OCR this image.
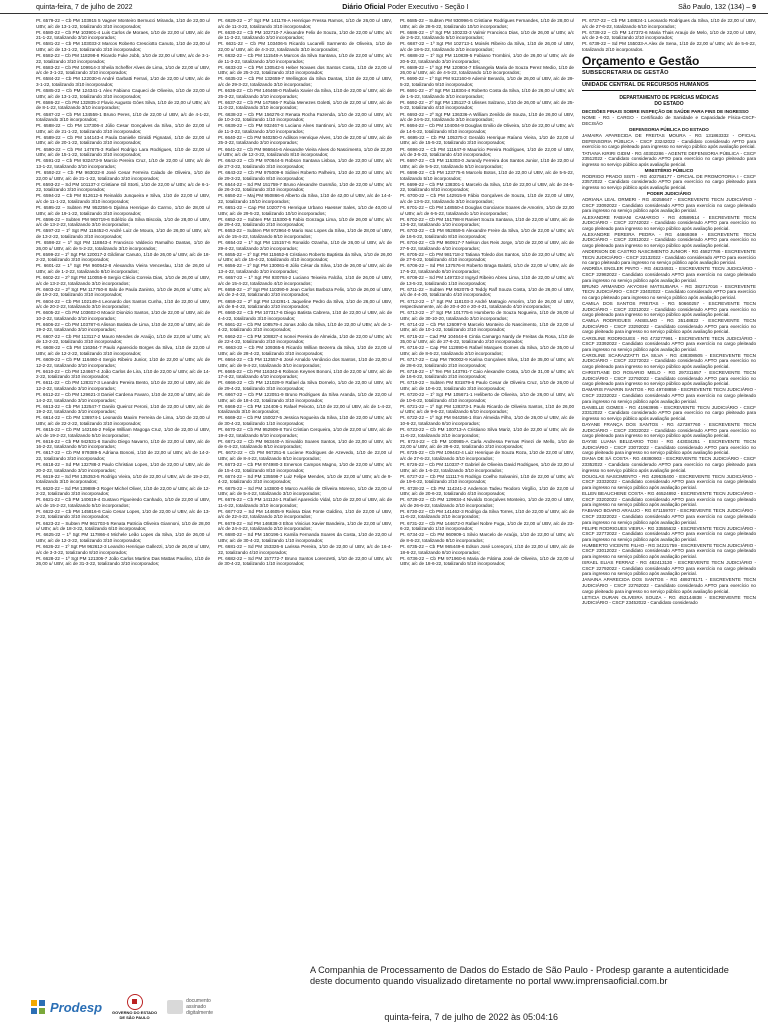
quinta-feira, 7 de julho de 2022	Diário Oficial Poder Executivo - Seção I	São Paulo, 132 (134) – 9

Pt. 6579-22 – Cb PM 103915 5 Vagner Monteiro Bernucci Miranda, 1/10 de 22,00 u/ UBV, a/c de 13-1-22, totalizando 3/10 incorporados;

Pt. 6580-22 – Cb PM 103901-4 Luis Carlos de Moraes, 1/10 de 22,00 u/ UBV, a/c de 21-1-22, totalizando 3/10 incorporados;

Pt. 6581-22 – Cb PM 103033-2 Marcos Roberto Cresciotto Canuto, 1/10 de 22,00 u/ UBV, a/c de 13-1-22, totalizando 3/10 incorporados;

Pt. 6582-22 – Cb PM 118298-8 Ricardo Fuke Jobb, 1/10 de 22,00 u/ UBV, a/c de 3-1-22, totalizando 3/10 incorporados;

Pt. 6583-22 – Cb PM 109914-3 Sheila Scheffer Alves de Lima, 1/10 de 22,00 u/ UBV, a/c de 3-1-22, totalizando 3/10 incorporados;

Pt. 6584-22 – Cb PM 122030-6 André Garbatti Ferrari, 1/10 de 22,00 u/ UBV, a/c de 3-1-22, totalizando 3/10 incorporados;

Pt. 6585-22 – Cb PM 124341-1 Alex Fabiano Caqueci de Oliveira, 1/10 de 22,00 u/ UBV, a/c de 13-1-22, totalizando 3/10 incorporados;

Pt. 6586-22 – Cb PM 132835-2 Flavio Augusto Góes Silva, 1/10 de 22,00 u/ UBV, a/c de 8-1-22, totalizando 3/10 incorporados;

Pt. 6587-22 – Cb PM 134559-1 Bruno Peres, 1/10 de 22,00 u/ UBV, a/c de 4-1-22, totalizando 3/10 incorporados;

Pt. 6588-22 – Cb PM 137306-4 Júlio Cesar Gonçalves da Silva, 1/10 de 22,00 u/ UBV, a/c de 21-1-22, totalizando 3/10 incorporados;

Pt. 6589-22 – Cb PM 144143-4 Paula Danielle Giraldi Pignatari, 1/10 de 22,00 u/ UBV, a/c de 20-1-22, totalizando 3/10 incorporados;

Pt. 6590-22 – Cb PM 147675-3 Rafael Rodrigo Lara Rodrigues, 1/10 de 22,00 u/ UBV, a/c de 15-1-22, totalizando 3/10 incorporados;

Pt. 6591-22 – Cb PM 932473-9 Marcio Pereira Cruz, 1/10 de 22,00 u/ UBV, a/c de 13-1-22, totalizando 3/10 incorporados;

Pt. 6592-22 – Cb PM 963022-8 José Cesar Ferreira Calado de Oliveira, 1/10 de 22,00 u/ UBV, a/c de 21-1-22, totalizando 3/10 incorporados;

Pt. 6593-22 – Sd PM 101137-2 Cristiane Gil Storti, 1/10 de 22,00 u/ UBV, a/c de 6-1-22, totalizando 3/10 incorporados;

Pt. 6594-22 – Cb PM 912612-6 Reinaldo Junqueira e Silva, 1/10 de 22,00 u/ UBV, a/c de 11-1-22, totalizando 3/10 incorporados;

Pt. 6595-22 – Subten PM 952256-5 Djalma Henrique do Carmo, 1/10 de 28,00 u/ UBV, a/c de 19-1-22, totalizando 3/10 incorporados;

Pt. 6596-22 – Subten PM 960719-6 Edélzio da Silva Biscola, 1/10 de 28,00 u/ UBV, a/c de 13-2-22, totalizando 3/10 incorporados;

Pt. 6597-22 – 1º Sgt PM 118452-0 André Luiz de Moura, 1/10 de 26,00 u/ UBV, a/c de 13-2-22, totalizando 3/10 incorporados;

Pt. 6598-22 – 1º Sgt PM 118843-4 Francisco Valdecio Ramalho Dantas, 1/10 de 26,00 u/ UBV, a/c de 5-2-22, totalizando 3/10 incorporados;

Pt. 6599-22 – 1º Sgt PM 120017-2 Gildimar Canuto, 1/10 de 26,00 u/ UBV, a/c de 18-2-22, totalizando 3/10 incorporados;

Pt. 6601-22 – 1º Sgt PM 960542-8 Alexandra Vieira Venceslau, 1/10 de 26,00 u/ UBV, a/c de 1-2-22, totalizando 8/10 incorporados;

Pt. 6602-22 – 2º Sgt PM 110055-9 Sergio Clécio Correia Dias, 1/10 de 26,00 u/ UBV, a/c de 13-2-22, totalizando 3/10 incorporados;

Pt. 6603-22 – 2º Sgt PM 117750-8 Italo de Paula Zaninto, 1/10 de 26,00 u/ UBV, a/c de 19-2-22, totalizando 3/10 incorporados;

Pt. 6604-22 – Cb PM 102149-4 Leonardo dos Santos Cunha, 1/10 de 22,00 u/ UBV, a/c de 20-2-22, totalizando 3/10 incorporados;

Pt. 6605-22 – Cb PM 103602-0 Moacir Dionizio Santos, 1/10 de 22,00 u/ UBV, a/c de 10-2-22, totalizando 3/10 incorporados;

Pt. 6606-22 – Cb PM 103787-6 Alisson Batista de Lima, 1/10 de 22,00 u/ UBV, a/c de 19-2-22, totalizando 3/10 incorporados;

Pt. 6607-22 – Cb PM 113117-2 Mauro Mendes de Araújo, 1/10 de 22,00 u/ UBV, a/c de 13-2-22, totalizando 3/10 incorporados;

Pt. 6608-22 – Cb PM 116364-7 Paulo Aparecido Borges da Silva, 1/10 de 22,00 u/ UBV, a/c de 12-2-22, totalizando 3/10 incorporados;

Pt. 6609-22 – Cb PM 116460-4 Sergio Ribeiro Junior, 1/10 de 22,00 u/ UBV, a/c de 12-2-22, totalizando 3/10 incorporados;

Pt. 6610-22 – Cb PM 124667-4 João Carlos de Lira, 1/10 de 22,00 u/ UBV, a/c de 14-2-22, totalizando 3/10 incorporados;

Pt. 6611-22 – Cb PM 128317-3 Leandro Pereira Bento, 1/10 de 22,00 u/ UBV, a/c de 12-2-22, totalizando 3/10 incorporados;

Pt. 6612-22 – Cb PM 129621-3 Daniel Cardena Favaro, 1/10 de 22,00 u/ UBV, a/c de 14-2-22, totalizando 3/10 incorporados;

Pt. 6613-22 – Cb PM 132547-7 Danilo Queiroz Peroni, 1/10 de 22,00 u/ UBV, a/c de 19-2-22, totalizando 3/10 incorporados;

Pt. 6614-22 – Cb PM 136974-1 Leonardo Maxim Ferreira de Lima, 1/10 de 22,00 u/ UBV, a/c de 22-2-22, totalizando 3/10 incorporados;

Pt. 6615-22 – Cb PM 142166-2 Felipe William Magoga Cruz, 1/10 de 22,00 u/ UBV, a/c de 19-2-22, totalizando 5/10 incorporados;

Pt. 6616-22 – Cb PM 942531-6 Sandro Diego Navarro, 1/10 de 22,00 u/ UBV, a/c de 16-2-22, totalizando 9/10 incorporados;

Pt. 6617-22 – Cb PM 979389-5 Adriana Bononi, 1/10 de 22,00 u/ UBV, a/c de 14-2-22, totalizando 3/10 incorporados;

Pt. 6618-22 – Sd PM 132788-2 Paulo Christian Lopes, 1/10 de 22,00 u/ UBV, a/c de 20-2-22, totalizando 3/10 incorporados;

Pt. 6619-22 – Sd PM 135353-5 Rodrigo Vieira, 1/10 de 22,00 u/ UBV, a/c de 19-2-22, totalizando 3/10 incorporados;

Pt. 6620-22 – Sd PM 139889-3 Roger Michel Oliver, 1/10 de 22,00 u/ UBV, a/c de 12-2-22, totalizando 3/10 incorporados;

Pt. 6621-22 – Cb PM 140619-4 Gustavo Figueiredo Canhado, 1/10 de 22,00 u/ UBV, a/c de 15-2-22, totalizando 5/10 incorporados;

Pt. 6622-22 – Cb PM 145816-6 Caio Cesar Lopes, 1/10 de 22,00 u/ UBV, a/c de 13-2-22, totalizando 3/10 incorporados;

Pt. 6623-22 – Subten PM 961703-5 Renata Patricia Oliveira Giannoni, 1/10 de 28,00 u/ UBV, a/c de 18-3-22, totalizando 6/10 incorporados;

Pt. 6625-22 – 1º Sgt PM 117866-4 Michele Leão Lopes da Silva, 1/10 de 26,00 u/ UBV, a/c de 12-3-22, totalizando 3/10 incorporados;

Pt. 6626-22 – 1º Sgt PM 962612-3 Leandro Henrique Gallezzi, 1/10 de 26,00 u/ UBV, a/c de 3-3-22, totalizando 8/10 incorporados;

Pt. 6628-22 – 1º Sgt PM 121306-7 João Carlos Martins Das Mattas Paulino, 1/10 de 26,00 u/ UBV, a/c de 31-3-22, totalizando 3/10 incorporados;

Pt. 6629-22 – 2º Sgt PM 141178-A Henrique Fressa Ramos, 1/10 de 26,00 u/ UBV, a/c de 11-3-22, totalizando 3/10 incorporados;

Pt. 6630-22 – Cb PM 102710-7 Alexandre Felix de Souza, 1/10 de 22,00 u/ UBV, a/c de 11-3-22, totalizando 3/10 incorporados;

Pt. 6631-22 – Cb PM 103406-5 Ricardo Lucarelli Sarmento de Oliveira, 1/10 de 22,00 u/ UBV, a/c de 4-3-22, totalizando 3/10 incorporados;

Pt. 6632-22 – Cb PM 111548-A Marcos da Silva Santana, 1/10 de 22,00 u/ UBV, a/c de 11-3-22, totalizando 3/10 incorporados;

Pt. 6633-22 – Cb PM 130542-5 Heber Novaes dos Santos Costa, 1/10 de 22,00 u/ UBV, a/c de 25-3-22, totalizando 3/10 incorporados;

Pt. 6635-22 – Cb PM 132659-7 Wellington da Silva Dantas, 1/10 de 22,00 u/ UBV, a/c de 29-3-22, totalizando 3/10 incorporados;

Pt. 6636-22 – Cb PM 146468-0 Rafaela Xavier da Silva, 1/10 de 22,00 u/ UBV, a/c de 25-3-22, totalizando 3/10 incorporados;

Pt. 6637-22 – Cb PM 147566-7 Rubia Menezes Goletti, 1/10 de 22,00 u/ UBV, a/c de 11-3-22, totalizando 3/10 incorporados;

Pt. 6638-22 – Cb PM 156276-2 Renata Rocha Fazenda, 1/10 de 22,00 u/ UBV, a/c de 10-3-22, totalizando 1/10 incorporados;

Pt. 6639-22 – Cb PM 932467-5 Luciano Alves Santinoni, 1/10 de 22,00 u/ UBV, a/c de 11-3-22, totalizando 3/10 incorporados;

Pt. 6640-22 – Cb PM 940250-0 Adilson Henrique Alves, 1/10 de 22,00 u/ UBV, a/c de 25-3-22, totalizando 3/10 incorporados;

Pt. 6641-22 – Cb PM 966644-6 Alexandre Vieira Alves do Nascimento, 1/10 de 22,00 u/ UBV, a/c de 12-3-22, totalizando 8/10 incorporados;

Pt. 6642-22 – Cb PM 970644-5 Robson Santana Lisboa, 1/10 de 22,00 u/ UBV, a/c de 27-3-22, totalizando 3/10 incorporados;

Pt. 6643-22 – Cb PM 975009-6 Sidinei Roberto Palheiro, 1/10 de 22,00 u/ UBV, a/c de 29-3-22, totalizando 8/10 incorporados;

Pt. 6644-22 – Sd PM 151759-7 Bruno Alexandre Gusmão, 1/10 de 22,00 u/ UBV, a/c de 26-3-22, totalizando 3/10 incorporados;

Pt. 6650-22 – Maj PM 950866-6 Alberto da Silva, 1/10 de 42,00 u/ UBV, a/c de 14-4-22, totalizando 10/10 incorporados;

Pt. 6651-22 – Cap PM 102077-5 Henrique Urbano Haesser Sales, 1/10 de 40,00 u/ UBV, a/c de 29-5-22, totalizando 10/10 incorporados;

Pt. 6652-22 – Subten PM 115300-5 Fabio Gonzaga Lima, 1/10 de 26,00 u/ UBV, a/c de 29-4-22, totalizando 2/10 incorporados;

Pt. 6653-22 – Subten PM 972964-0 Mario Isac Lopes da Silva, 1/10 de 28,00 u/ UBV, a/c de 15-4-22, totalizando 8/10 incorporados;

Pt. 6654-22 – 1º Sgt PM 115157-6 Ronaldo Ozanha, 1/10 de 26,00 u/ UBV, a/c de 29-4-22, totalizando 2/10 incorporados;

Pt. 6655-22 – 1º Sgt PM 115652-6 Cristiano Roberto Baptista da Silva, 1/10 de 26,00 u/ UBV, a/c de 15-4-22, totalizando 4/10 incorporados;

Pt. 6656-22 – 1º Sgt PM 130061-8 Júlio César da Silva, 1/10 de 26,00 u/ UBV, a/c de 13-4-22, totalizando 3/10 incorporados;

Pt. 6657-22 – 1º Sgt PM 930784-2 Luciano Teixeira Falcão, 1/10 de 26,00 u/ UBV, a/c de 15-4-22, totalizando 4/10 incorporados;

Pt. 6658-22 – 2º Sgt PM 110390-9 Jean Carlos Barboza Felix, 1/10 de 26,00 u/ UBV, a/c de 2-4-22, totalizando 2/10 incorporados;

Pt. 6659-22 – 2º Sgt PM 124291-1 Jaqueline Pedro da Silva, 1/10 de 26,00 u/ UBV, a/c de 8-4-22, totalizando 2/10 incorporados;

Pt. 6660-22 – Cb PM 107317-6 Diego Batista Cabrera, 1/10 de 22,00 u/ UBV, a/c de 4-4-22, totalizando 3/10 incorporados;

Pt. 6661-22 – Cb PM 108579-4 Jonas João da Silva, 1/10 de 22,00 u/ UBV, a/c de 1-4-22, totalizando 3/10 incorporados;

Pt. 6662-22 – Cb PM 108827-4 Ivonei Pereira de Almeida, 1/10 de 22,00 u/ UBV, a/c de 22-4-22, totalizando 2/10 incorporados;

Pt. 6663-22 – Cb PM 109365-5 Ricardo Willian Bezerra da Silva, 1/10 de 22,00 u/ UBV, a/c de 28-4-22, totalizando 3/10 incorporados;

Pt. 6664-22 – Cb PM 112557-6 José Arnaldo Venâncio dos Santos, 1/10 de 22,00 u/ UBV, a/c de 9-4-22, totalizando 3/10 incorporados;

Pt. 6665-22 – Cb PM 116342-6 Robson Keynes Bononi, 1/10 de 22,00 u/ UBV, a/c de 17-4-22, totalizando 4/10 incorporados;

Pt. 6666-22 – Cb PM 121029-9 Rafael da Silva Dornelo, 1/10 de 22,00 u/ UBV, a/c de 29-4-22, totalizando 3/10 incorporados;

Pt. 6667-22 – Cb PM 122051-9 Bruno Rodrigues da Silva Aranda, 1/10 de 22,00 u/ UBV, a/c de 18-4-22, totalizando 3/10 incorporados;

Pt. 6668-22 – Cb PM 124406-1 Rafael Peixoto, 1/10 de 22,00 u/ UBV, a/c de 1-4-22, totalizando 3/10 incorporados;

Pt. 6669-22 – Cb PM 150027-5 Jessica Nogueira da Silva, 1/10 de 22,00 u/ UBV, a/c de 30-4-22, totalizando 1/10 incorporados;

Pt. 6670-22 – Cb PM 952909-8 Toni Cristian Cerqueira, 1/10 de 22,00 u/ UBV, a/c de 19-4-22, totalizando 8/10 incorporados;

Pt. 6671-22 – Cb PM 963440-A Sinvaldo Soares Santos, 1/10 de 22,00 u/ UBV, a/c de 6-4-22, totalizando 8/10 incorporados;

Pt. 6672-22 – Cb PM 967251-6 Luciene Rodrigues de Azevedo, 1/10 de 22,00 u/ UBV, a/c de 8-4-22, totalizando 8/10 incorporados;

Pt. 6673-22 – Cb PM 974980-3 Emerson Campos Magno, 1/10 de 22,00 u/ UBV, a/c de 15-4-22, totalizando 8/10 incorporados;

Pt. 6674-22 – Sd PM 135598-7 Luiz Felipe Mendes, 1/10 de 22,00 u/ UBV, a/c de 9-4-22, totalizando 3/10 incorporados;

Pt. 6675-22 – Sd PM 143800-0 Marco Aurélio de Oliveira Moreno, 1/10 de 22,00 u/ UBV, a/c de 5-4-22, totalizando 3/10 incorporados;

Pt. 6676-22 – Cb PM 141124-1 Rafael Aparecido Vidal, 1/10 de 22,00 u/ UBV, a/c de 11-4-22, totalizando 3/10 incorporados;

Pt. 6677-22 – Sd PM 144605-9 Raíssa Dias Fonte Galdino, 1/10 de 22,00 u/ UBV, a/c de 22-4-22, totalizando 2/10 incorporados;

Pt. 6678-22 – Sd PM 146838-3 Elton Vinicius Xavier Bandeira, 1/10 de 22,00 u/ UBV, a/c de 24-4-22, totalizando 2/10 incorporados;

Pt. 6680-22 – Sd PM 150196-1 Kamila Fernanda Soares da Costa, 1/10 de 22,00 u/ UBV, a/c de 30-4-22, totalizando 1/10 incorporados;

Pt. 6681-22 – Sd PM 153326-6 Larissa Pereira, 1/10 de 22,00 u/ UBV, a/c de 16-4-22, totalizando 4/10 incorporados;

Pt. 6682-22 – Sd PM 157772-7 Bruno Santos Lorenzetti, 1/10 de 22,00 u/ UBV, a/c de 30-4-22, totalizando 1/10 incorporados;

Pt. 6685-22 – Subten PM 930996-5 Cristiane Rodrigues Fernandes, 1/10 de 28,00 u/ UBV, a/c de 28-5-22, totalizando 10/10 incorporados;

Pt. 6686-22 – 1º Sgt PM 100233-3 Valmir Francisco Dias, 1/10 de 26,00 u/ UBV, a/c de 2-5-22, totalizando 5/10 incorporados;

Pt. 6687-22 – 1º Sgt PM 102713-1 Moisés Ribeiro da Silva, 1/10 de 26,00 u/ UBV, a/c de 18-5-22, totalizando 2/10 incorporados;

Pt. 6688-22 – 1º Sgt PM 110839-5 Fabiano Trombini, 1/10 de 26,00 u/ UBV, a/c de 20-5-22, totalizando 3/10 incorporados;

Pt. 6689-22 – 1º Sgt PM 120804-7 Elisangela Maria de Souza Perez Medio, 1/10 de 26,00 u/ UBV, a/c de 4-5-22, totalizando 1/10 incorporados;

Pt. 6690-22 – 1º Sgt PM 912160-9 Ademir Berardo, 1/10 de 26,00 u/ UBV, a/c de 29-5-22, totalizando 9/10 incorporados;

Pt. 6691-22 – 2º Sgt PM 118304-4 Roberto Costa da Silva, 1/10 de 26,00 u/ UBV, a/c de 1-5-22, totalizando 3/10 incorporados;

Pt. 6692-22 – 2º Sgt PM 135127-3 Ulisses Salzano, 1/10 de 26,00 u/ UBV, a/c de 25-5-22, totalizando 4/10 incorporados;

Pt. 6693-22 – 2º Sgt PM 136336-A William Zenildo de Souza, 1/10 de 26,00 u/ UBV, a/c de 24-5-22, totalizando 3/10 incorporados;

Pt. 6694-22 – Cb PM 104004-9 Douglas Emilio de Oliveira, 1/10 de 22,00 u/ UBV, a/c de 14-5-22, totalizando 8/10 incorporados;

Pt. 6695-22 – Cb PM 105375-2 Geraldo Henrique Raíano Vieira, 1/10 de 22,00 u/ UBV, a/c de 15-5-22, totalizando 3/10 incorporados;

Pt. 6696-22 – Cb PM 111647-9 Mauricio Pereira Rodrigues, 1/10 de 22,00 u/ UBV, a/c de 3-5-22, totalizando 4/10 incorporados;

Pt. 6697-22 – Cb PM 115303-0 Jurandy Ferreira dos Santos Junior, 1/10 de 22,00 u/ UBV, a/c de 5-5-22, totalizando 5/10 incorporados;

Pt. 6698-22 – Cb PM 123775-6 Marcelo Botos, 1/10 de 22,00 u/ UBV, a/c de 5-5-22, totalizando 5/10 incorporados;

Pt. 6699-22 – Cb PM 138301-1 Marcelo da Silva, 1/10 de 22,00 u/ UBV, a/c de 24-5-22, totalizando 8/10 incorporados;

Pt. 6700-22 – Cb PM 142915-9 Fábio Gonçalves de Souza, 1/10 de 22,00 u/ UBV, a/c de 13-5-22, totalizando 3/10 incorporados;

Pt. 6701-22 – Cb PM 148550-4 Douglas Gonciarov Soares de Amorim, 1/10 de 22,00 u/ UBV, a/c de 6-5-22, totalizando 1/10 incorporados;

Pt. 6702-22 – Cb PM 151798-8 Raniert Souza Santana, 1/10 de 22,00 u/ UBV, a/c de 13-5-22, totalizando 1/10 incorporados;

Pt. 6703-22 – Cb PM 952659-5 Alexandre Freire da Silva, 1/10 de 22,00 u/ UBV, a/c de 16-5-22, totalizando 8/10 incorporados;

Pt. 6704-22 – Cb PM 960917-7 Nelson dos Reis Jorge, 1/10 de 22,00 u/ UBV, a/c de 27-5-22, totalizando 4/10 incorporados;

Pt. 6705-22 – Cb PM 981718-2 Tatiana Toledo dos Santos, 1/10 de 22,00 u/ UBV, a/c de 27-5-22, totalizando 4/10 incorporados;

Pt. 6706-22 – Sd PM 137576-8 Roberto Braga Balotti, 1/10 de 22,00 u/ UBV, a/c de 17-5-22, totalizando 8/10 incorporados;

Pt. 6708-22 – Sd PM 149733-2 Ingryd Ribeiro Abreu Lima, 1/10 de 22,00 u/ UBV, a/c de 13-5-22, totalizando 1/10 incorporados;

Pt. 6711-22 – Subten PM 962075-3 Teddy Ralf Souza Costa, 1/10 de 26,00 u/ UBV, a/c de 4-4-20, totalizando 4/10 incorporados;

Pt. 6712-22 – 1º Sgt PM 118103-3 André Matragio Amorim, 1/10 de 26,00 u/ UBV, respectivamente, a/c de 20-4-20 e 20-4-21, totalizando 4/10 incorporados;

Pt. 6713-22 – 2º Sgt PM 101775-6 Humberto de Souza Nogueira, 1/10 de 26,00 u/ UBV, a/c de 30-10-20, totalizando 3/10 incorporados;

Pt. 6714-22 – Cb PM 126097-9 Marcelo Monteiro do Nascimento, 1/10 de 22,00 u/ UBV, a/c de 10-1-22, totalizando 2/10 incorporados;

Pt. 6715-22 – Cad PM 104644-6 Cintia Camargo Nardy de Freitas da Rosa, 1/10 de 35,00 u/ UBV, a/c de 27-6-22, totalizando 2/10 incorporados;

Pt. 6716-22 – Cap PM 112890-6 Rafael Marques Gomes da Silva, 1/10 de 35,00 u/ UBV, a/c de 8-6-22, totalizando 2/10 incorporados;

Pt. 6717-22 – Cap PM 790002-9 Karina Gonçalves Silva, 1/10 de 35,00 u/ UBV, a/c de 28-6-22, totalizando 2/10 incorporados;

Pt. 6718-22 – 1º Ten PM 143791-7 Caio Alexandre Costa, 1/10 de 31,00 u/ UBV, a/c de 16-6-22, totalizando 2/10 incorporados;

Pt. 6719-22 – Subten PM 931879-6 Paulo Cesar de Oliveira Cruz, 1/10 de 26,00 u/ UBV, a/c de 10-6-22, totalizando 3/10 incorporados;

Pt. 6720-22 – 1º Sgt PM 105671-1 Heliberto de Oliveira, 1/10 de 26,00 u/ UBV, a/c de 10-6-22, totalizando 4/10 incorporados;

Pt. 6721-22 – 1º Sgt PM 128373-1 Paulo Ricardo de Oliveira Santos, 1/10 de 26,00 u/ UBV, a/c de 9-6-22, totalizando 6/10 incorporados;

Pt. 6722-22 – 1º Sgt PM 944256-1 Ilton Almeida Filho, 1/10 de 26,00 u/ UBV, a/c de 10-6-22, totalizando 8/10 incorporados;

Pt. 6723-22 – Cb PM 100713-A Cristiano Silva Mariz, 1/10 de 22,00 u/ UBV, a/c de 11-6-22, totalizando 2/10 incorporados;

Pt. 6724-22 – Cb PM 100985-A Carla Andressa Fernas Pinezi de Mello, 1/10 de 22,00 u/ UBV, a/c de 28-6-22, totalizando 2/10 incorporados;

Pt. 6725-22 – Cb PM 109442-4 Luiz Henrique de Souza Roza, 1/10 de 22,00 u/ UBV, a/c de 27-6-22, totalizando 3/10 incorporados;

Pt. 6726-22 – Cb PM 110337-7 Gabriel de Oliveira David Rodrigues, 1/10 de 22,00 u/ UBV, a/c de 1-6-22, totalizando 3/10 incorporados;

Pt. 6727-22 – Cb PM 111117-5 Rodrigo Coelho Salvanini, 1/10 de 22,00 u/ UBV, a/c de 19-6-22, totalizando 2/10 incorporados;

Pt. 6728-22 – Cb PM 114241-2 Anderson Tadeu Teodoro Virgílio, 1/10 de 22,00 u/ UBV, a/c de 20-6-22, totalizando 4/10 incorporados;

Pt. 6729-22 – Cb PM 129934-4 Nivaldo Gonçalves Monteiro, 1/10 de 22,00 u/ UBV, a/c de 26-6-22, totalizando 2/10 incorporados;

Pt. 6730-22 – Cb PM 141462-3 Rodrigo da Silva Torres, 1/10 de 22,00 u/ UBV, a/c de 11-6-22, totalizando 2/10 incorporados;

Pt. 6731-22 – Cb PM 144672-0 Rafael Nobre Fuga, 1/10 de 22,00 u/ UBV, a/c de 23-6-22, totalizando 1/10 incorporados;

Pt. 6734-22 – Cb PM 960909-1 Silvio Marcelo de Araújo, 1/10 de 22,00 u/ UBV, a/c de 8-6-22, totalizando 8/10 incorporados;

Pt. 6735-22 – Cb PM 965449-6 Edson José Lorençoni, 1/10 de 22,00 u/ UBV, a/c de 18-6-22, totalizando 8/10 incorporados;

Pt. 6736-22 – Cb PM 971960-6 Maria de Fátima José de Oliveira, 1/10 de 22,00 u/ UBV, a/c de 18-6-22, totalizando 5/10 incorporados;

Pt. 6737-22 – Cb PM 148624-1 Leonardo Rodrigues da Silva, 1/10 de 22,00 u/ UBV, a/c de 27-6-22, totalizando 6/10 incorporados;

Pt. 6738-22 – Cb PM 147372-6 Maria Thais Araujo de Melo, 1/10 de 22,00 u/ UBV, a/c de 2-6-22, totalizando 2/10 incorporados;

Pt. 6739-22 – Sd PM 155033-A Alex de Sena, 1/10 de 22,00 u/ UBV, a/c de 5-6-22, totalizando 2/10 incorporados.

Orçamento e Gestão
SUBSECRETARIA DE GESTÃO
UNIDADE CENTRAL DE RECURSOS HUMANOS
DEPARTAMENTO DE PERÍCIAS MÉDICAS
DO ESTADO

DECISÕES FINAIS SOBRE INSPEÇÃO DE SAÚDE PARA FINS DE INGRESSO

NOME - RG - CARGO - Certificado de Sanidade e Capacidade Física-CSCF-DECISÃO

DEFENSORIA PÚBLICA DO ESTADO

JAMAIRA APARECIDA DE FREITAS MOURA - RG 131863332 - OFICIAL DEFENSORIA PÚBLICA - CSCF 23242022 - Candidato considerado APTO para exercício no cargo pleiteado para ingresso no serviço público após avaliação pericial.

TATIANA KIRIRI GIDIM - RG 40302286 - AGENTE DEFENSORIA PÚBLICA - CSCF 23512022 - Candidato considerado APTO para exercício no cargo pleiteado para ingresso no serviço público após avaliação pericial.

MINISTÉRIO PÚBLICO

RODRIGO PRADO SISTI - RG 402758177 - OFICIAL DE PROMOTORIA I - CSCF 23572022 - Candidato considerado APTO para exercício no cargo pleiteado para ingresso no serviço público após avaliação pericial.

PODER JUDICIÁRIO

ADRIANA LEAL ORMERI - RG 40258647 - ESCREVENTE TECN JUDICIÁRIO - CSCF 23092022 - Candidato considerado APTO para exercício no cargo pleiteado para ingresso no serviço público após avaliação pericial.

ALEXANDRE FABIANI CAMARGO - RG 40589514 - ESCREVENTE TECN JUDICIÁRIO - CSCF 22742022 - Candidato considerado APTO para exercício no cargo pleiteado para ingresso no serviço público após avaliação pericial.

ALEXANDRE PEREIRA PEDRA - RG 44869369 - ESCREVENTE TECN JUDICIÁRIO - CSCF 22812022 - Candidato considerado APTO para exercício no cargo pleiteado para ingresso no serviço público após avaliação pericial.

ANDERSON DE CASTRO NASCIMENTO JUNIOR - RG 45827786 - ESCREVENTE TECN JUDICIÁRIO - CSCF 22132022 - Candidato considerado APTO para exercício no cargo pleiteado para ingresso no serviço público após avaliação pericial.

ANDRÉIA ENGLER PINTO - RG 46234931 - ESCREVENTE TECN JUDICIÁRIO - CSCF 22982022 - Candidato considerado APTO para exercício no cargo pleiteado para ingresso no serviço público após avaliação pericial.

BRUNO ARMANDO AKYOSHI MATSUBARA - RG 382717016 - ESCREVENTE TECN JUDICIÁRIO - CSCF 23402022 - Candidato considerado APTO para exercício no cargo pleiteado para ingresso no serviço público após avaliação pericial.

CAMILA DOS SANTOS FREITAS - RG 50660257 - ESCREVENTE TECN JUDICIÁRIO - CSCF 23212022 - Candidato considerado APTO para exercício no cargo pleiteado para ingresso no serviço público após avaliação pericial.

CAMILA RODRIGUES ANSELMO - RG 35148822 - ESCREVENTE TECN JUDICIÁRIO - CSCF 23292022 - Candidato considerado APTO para exercício no cargo pleiteado para ingresso no serviço público após avaliação pericial.

CAROLINE RODRIGUES - RG 473277991 - ESCREVENTE TECN JUDICIÁRIO - CSCF 23392022 - Candidato considerado APTO para exercício no cargo pleiteado para ingresso no serviço público após avaliação pericial.

CAROLINE SCARAZZATTI DA SILVA - RG 438308505 - ESCREVENTE TECN JUDICIÁRIO - CSCF 22272022 - Candidato considerado APTO para exercício no cargo pleiteado para ingresso no serviço público após avaliação pericial.

CHRISTIANE DO ROSARIO MELO - RG 297311657 - ESCREVENTE TECN JUDICIÁRIO - CSCF 22792022 - Candidato considerado APTO para exercício no cargo pleiteado para ingresso no serviço público após avaliação pericial.

DAMARIS FAVARIN SANTOS - RG 49748859 - ESCREVENTE TECN JUDICIÁRIO - CSCF 23232022 - Candidato considerado APTO para exercício no cargo pleiteado para ingresso no serviço público após avaliação pericial.

DANIELLE GOMES - RG 41963995 - ESCREVENTE TECN JUDICIÁRIO - CSCF 23312022 - Candidato considerado APTO para exercício no cargo pleiteado para ingresso no serviço público após avaliação pericial.

DAYANE FRANÇA DOS SANTOS - RG 427387760 - ESCREVENTE TECN JUDICIÁRIO - CSCF 23022022 - Candidato considerado APTO para exercício no cargo pleiteado para ingresso no serviço público após avaliação pericial.

DAYSE LUANA BELIZARIO TOSI - RG 443034251 - ESCREVENTE TECN JUDICIÁRIO - CSCF 23072022 - Candidato considerado APTO para exercício no cargo pleiteado para ingresso no serviço público após avaliação pericial.

DIANA DE SÁ COSTA - RG 49380903 - ESCREVENTE TECN JUDICIÁRIO - CSCF 23352022 - Candidato considerado APTO para exercício no cargo pleiteado para ingresso no serviço público após avaliação pericial.

DOUGLAS NASCIMENTO - RG 429535400 - ESCREVENTE TECN JUDICIÁRIO - CSCF 23332022 - Candidato considerado APTO para exercício no cargo pleiteado para ingresso no serviço público após avaliação pericial.

ELLEN BEAUCHENE COSTA - RG 46524892 - ESCREVENTE TECN JUDICIÁRIO - CSCF 23202022 - Candidato considerado APTO para exercício no cargo pleiteado para ingresso no serviço público após avaliação pericial.

FABIANO BOARO ARAUJO - RG 671159707 - ESCREVENTE TECN JUDICIÁRIO - CSCF 23322022 - Candidato considerado APTO para exercício no cargo pleiteado para ingresso no serviço público após avaliação pericial.

FELIPE RODRIGUES VIEIRA - RG 33555632 - ESCREVENTE TECN JUDICIÁRIO - CSCF 22772022 - Candidato considerado APTO para exercício no cargo pleiteado para ingresso no serviço público após avaliação pericial.

HUMBERTO VICENTE FILHO - RG 34221759 - ESCREVENTE TECN JUDICIÁRIO - CSCF 23012022 - Candidato considerado APTO para exercício no cargo pleiteado para ingresso no serviço público após avaliação pericial.

ISRAEL ELIAS FERRAZ - RG 482413130 - ESCREVENTE TECN JUDICIÁRIO - CSCF 22792022 - Candidato considerado APTO para exercício no cargo pleiteado para ingresso no serviço público após avaliação pericial.

JANAINA APARECIDA DOS SANTOS - RG 489378171 - ESCREVENTE TECN JUDICIÁRIO - CSCF 22762022 - Candidato considerado APTO para exercício no cargo pleiteado para ingresso no serviço público após avaliação pericial.

LETICIA DURAN OLIVEIRA SOUZA - RG 452144838 - ESCREVENTE TECN JUDICIÁRIO - CSCF 23452022 - Candidato considerado

A Companhia de Processamento de Dados do Estado de São Paulo - Prodesp garante a autenticidade deste documento quando visualizado diretamente no portal www.imprensaoficial.com.br
Prodesp	GOVERNO DO ESTADO
DE SÃO PAULO
documento
assinado
digitalmente	quinta-feira, 7 de julho de 2022 às 05:04:16
